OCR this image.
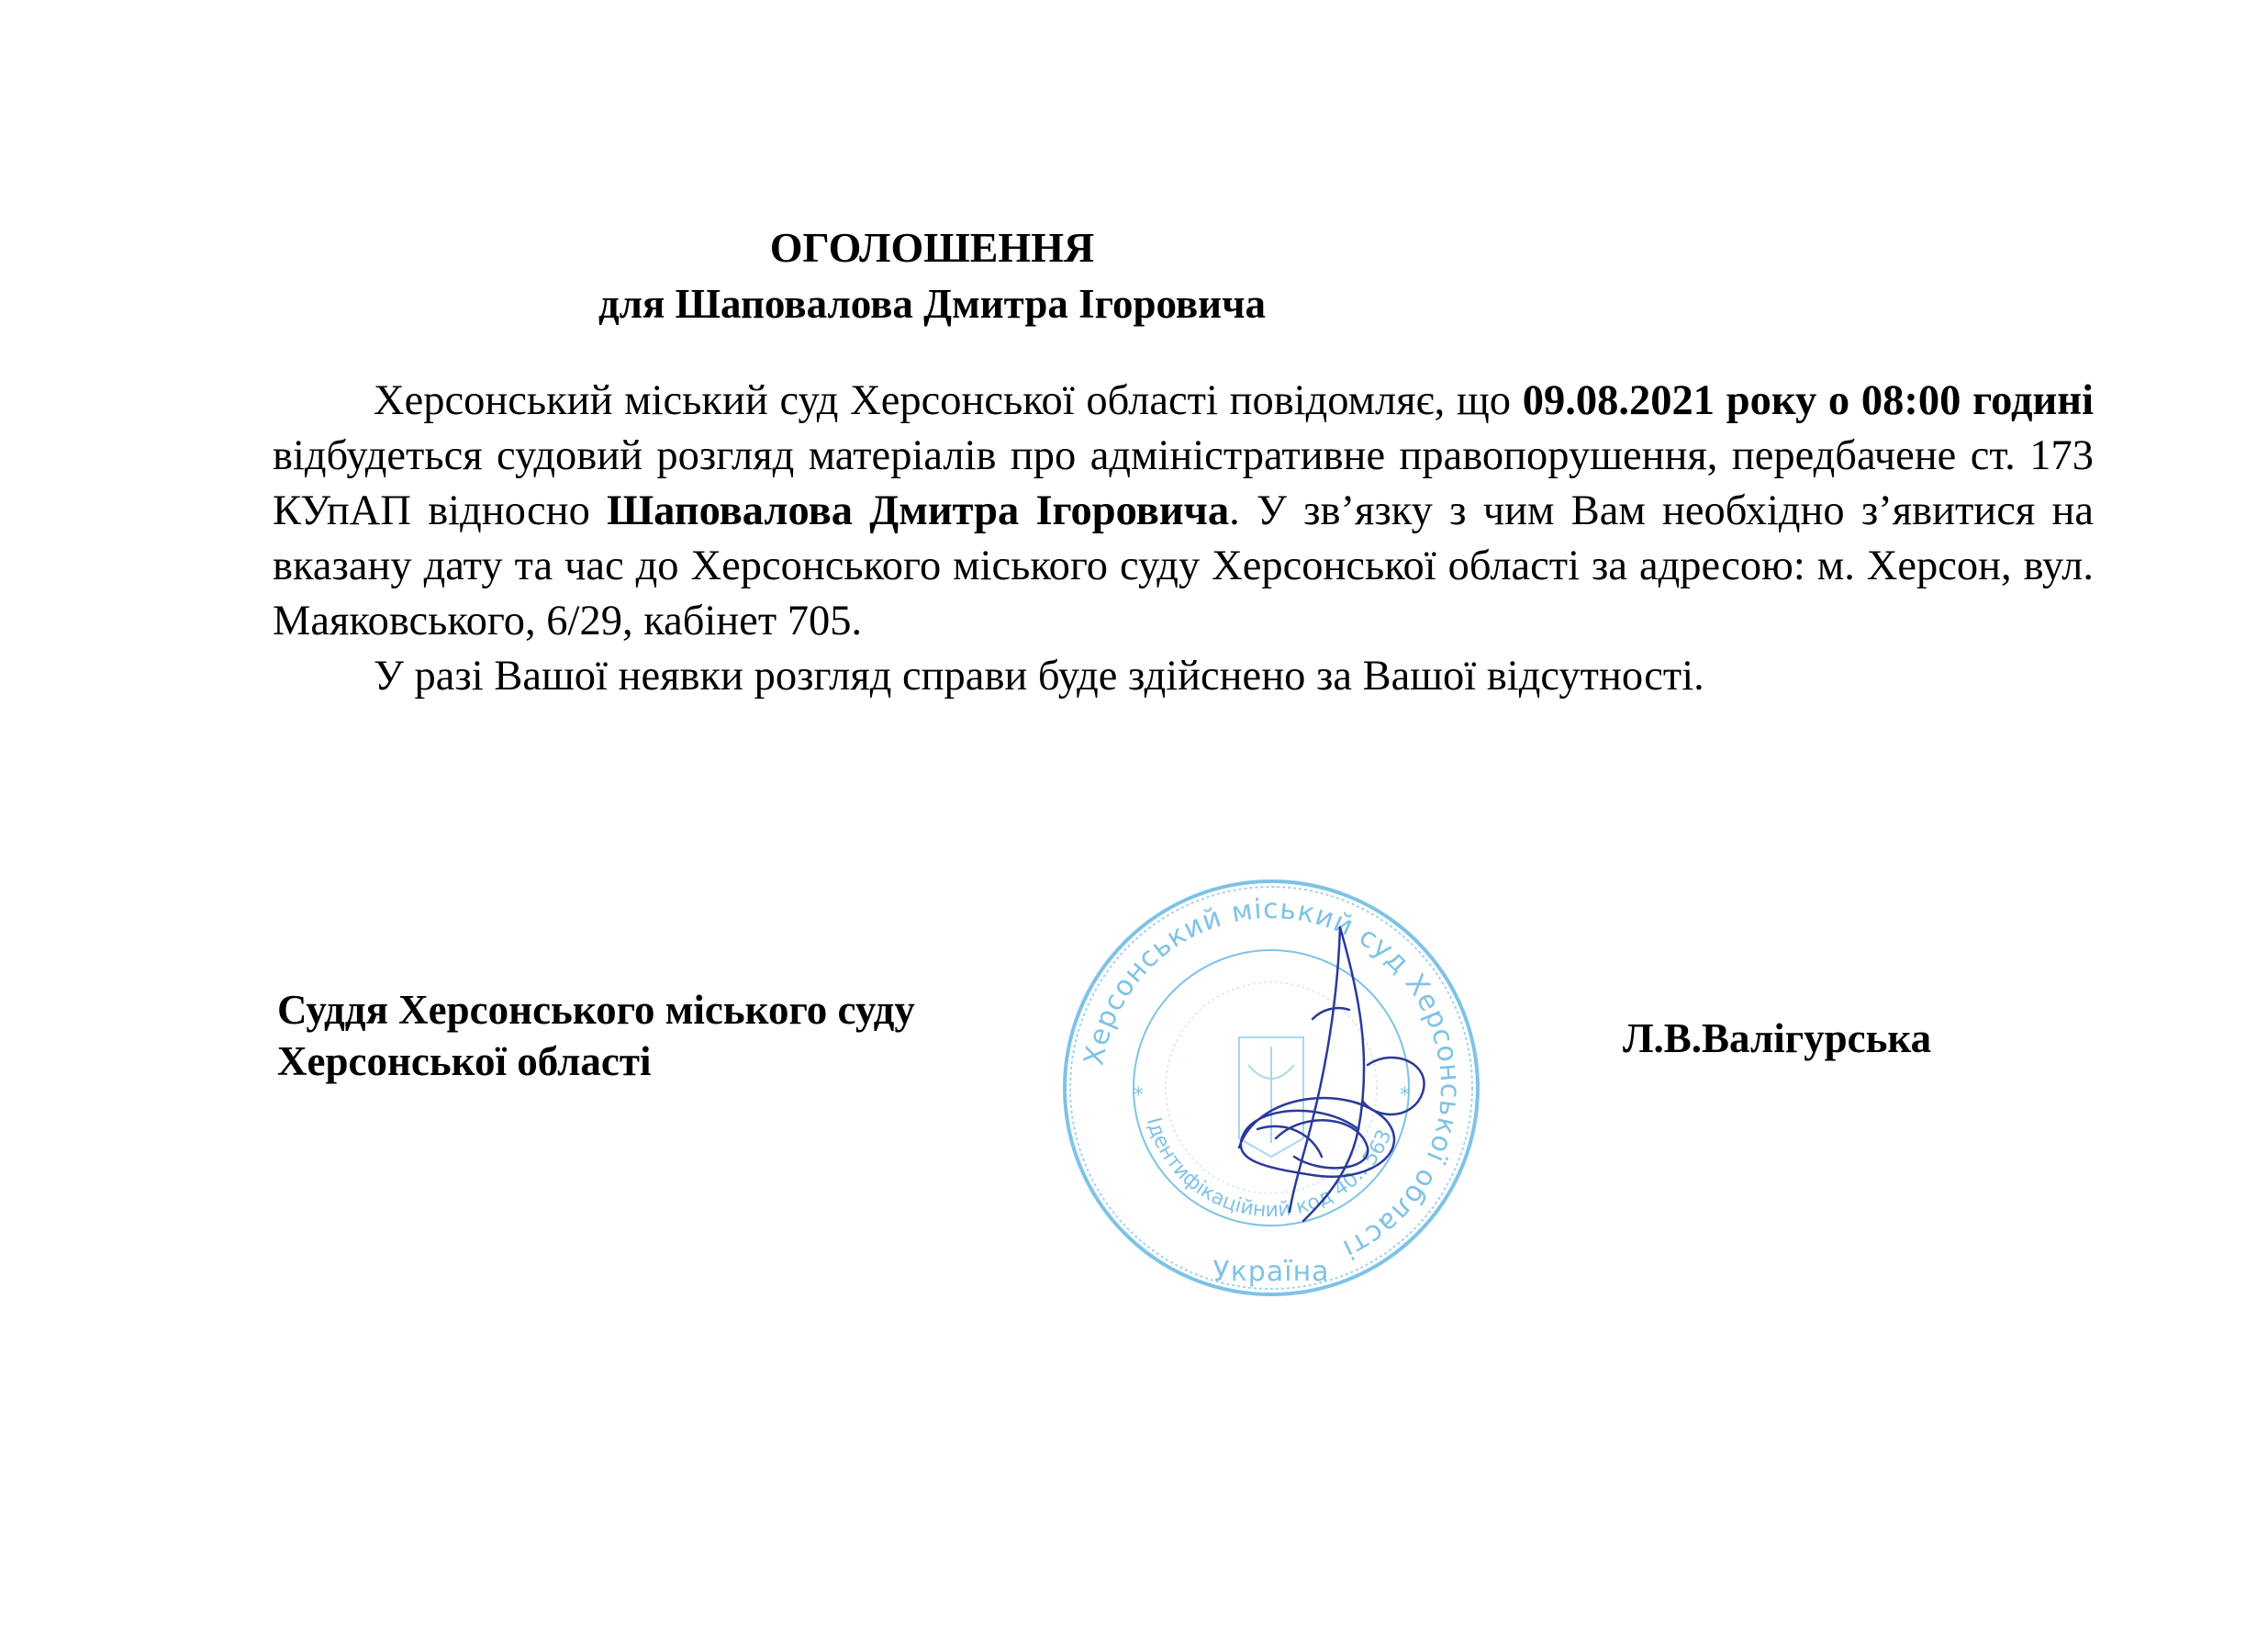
ОГОЛОШЕННЯ
для Шаповалова Дмитра Ігоровича

Херсонський міський суд Херсонської області повідомляє, що 09.08.2021 року о 08:00 годині відбудеться судовий розгляд матеріалів про адміністративне правопорушення, передбачене ст. 173 КУпАП відносно Шаповалова Дмитра Ігоровича. У зв’язку з чим Вам необхідно з’явитися на вказану дату та час до Херсонського міського суду Херсонської області за адресою: м. Херсон, вул. Маяковського, 6/29, кабінет 705.

У разі Вашої неявки розгляд справи буде здійснено за Вашої відсутності.

Суддя Херсонського міського суду
Херсонської області	Л.В.Валігурська
Херсонський міський суд Херсонської області
Ідентифікаційний код 40...563
Україна
*	*
